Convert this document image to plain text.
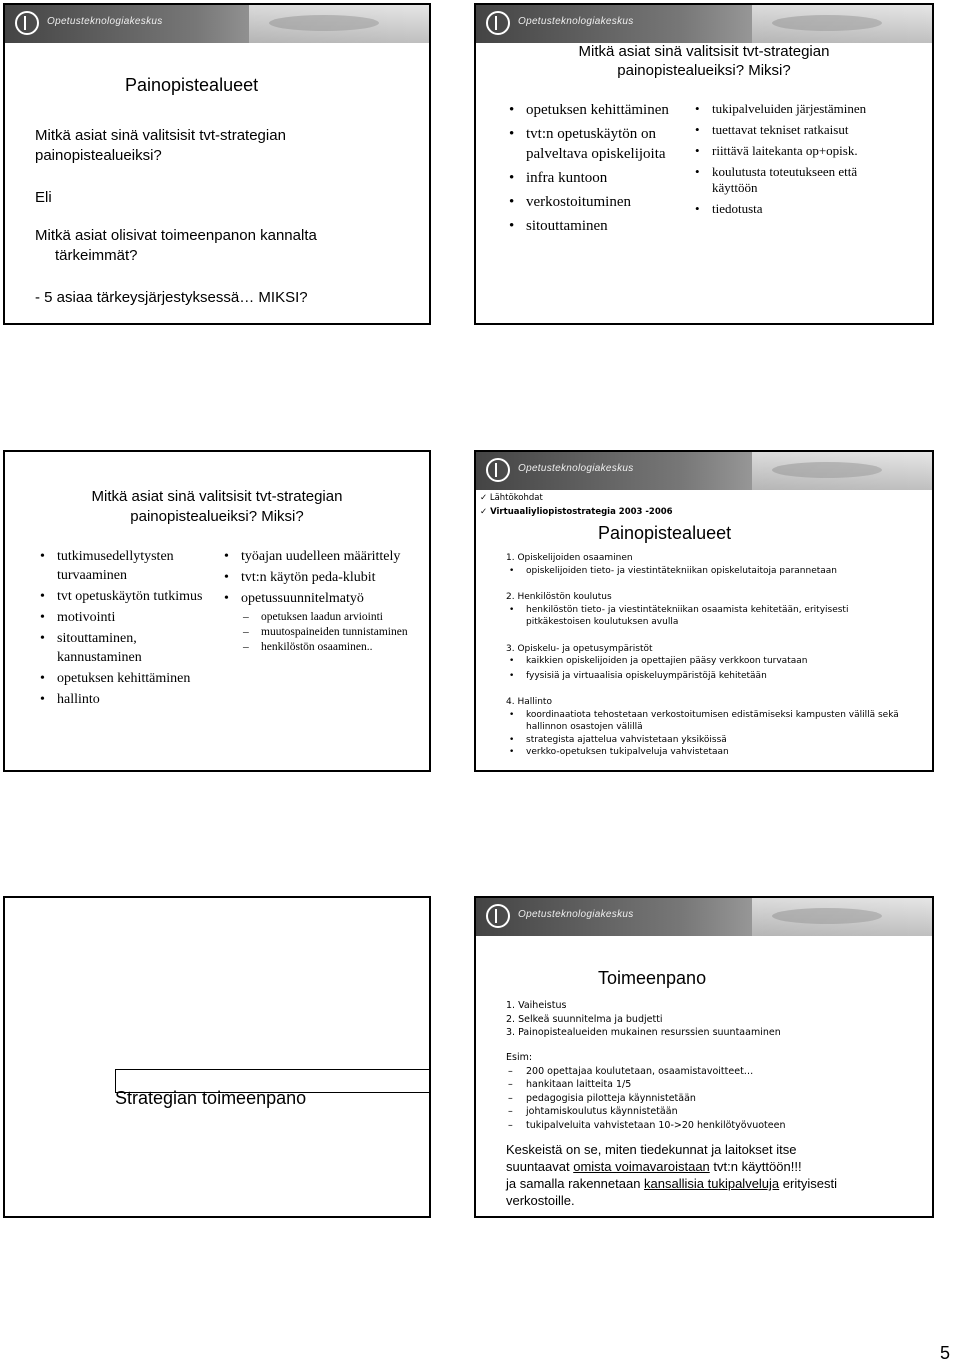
Opetusteknologiakeskus
Painopistealueet
Mitkä asiat sinä valitsisit tvt-strategian
painopistealueiksi?
Eli
Mitkä asiat olisivat toimeenpanon kannalta
tärkeimmät?
- 5 asiaa tärkeysjärjestyksessä… MIKSI?
Opetusteknologiakeskus
Mitkä asiat sinä valitsisit tvt-strategian
painopistealueiksi? Miksi?
• opetuksen kehittäminen
• tvt:n opetuskäytön on palveltava opiskelijoita
• infra kuntoon
• verkostoituminen
• sitouttaminen
• tukipalveluiden järjestäminen
• tuettavat tekniset ratkaisut
• riittävä laitekanta op+opisk.
• koulutusta toteutukseen että käyttöön
• tiedotusta
Mitkä asiat sinä valitsisit tvt-strategian
painopistealueiksi? Miksi?
• tutkimusedellytysten turvaaminen
• tvt opetuskäytön tutkimus
• motivointi
• sitouttaminen, kannustaminen
• opetuksen kehittäminen
• hallinto
• työajan uudelleen määrittely
• tvt:n käytön peda-klubit
• opetussuunnitelmatyö
– opetuksen laadun arviointi
– muutospaineiden tunnistaminen
– henkilöstön osaaminen..
Opetusteknologiakeskus
✓ Lähtökohdat
✓ Virtuaaliyliopistostrategia 2003 -2006
Painopistealueet
1. Opiskelijoiden osaaminen
• opiskelijoiden tieto- ja viestintätekniikan opiskelutaitoja parannetaan
2. Henkilöstön koulutus
• henkilöstön tieto- ja viestintätekniikan osaamista kehitetään, erityisesti pitkäkestoisen koulutuksen avulla
3. Opiskelu- ja opetusympäristöt
• kaikkien opiskelijoiden ja opettajien pääsy verkkoon turvataan
• fyysisiä ja virtuaalisia opiskeluympäristöjä kehitetään
4. Hallinto
• koordinaatiota tehostetaan verkostoitumisen edistämiseksi kampusten välillä sekä hallinnon osastojen välillä
• strategista ajattelua vahvistetaan yksiköissä
• verkko-opetuksen tukipalveluja vahvistetaan
Strategian toimeenpano
Opetusteknologiakeskus
Toimeenpano
1. Vaiheistus
2. Selkeä suunnitelma ja budjetti
3. Painopistealueiden mukainen resurssien suuntaaminen
Esim:
– 200 opettajaa koulutetaan, osaamistavoitteet…
– hankitaan laitteita 1/5
– pedagogisia pilotteja käynnistetään
– johtamiskoulutus käynnistetään
– tukipalveluita vahvistetaan 10->20 henkilötyövuoteen
Keskeistä on se, miten tiedekunnat ja laitokset itse
suuntaavat omista voimavaroistaan tvt:n käyttöön!!!
ja samalla rakennetaan kansallisia tukipalveluja erityisesti
verkostoille.
5
